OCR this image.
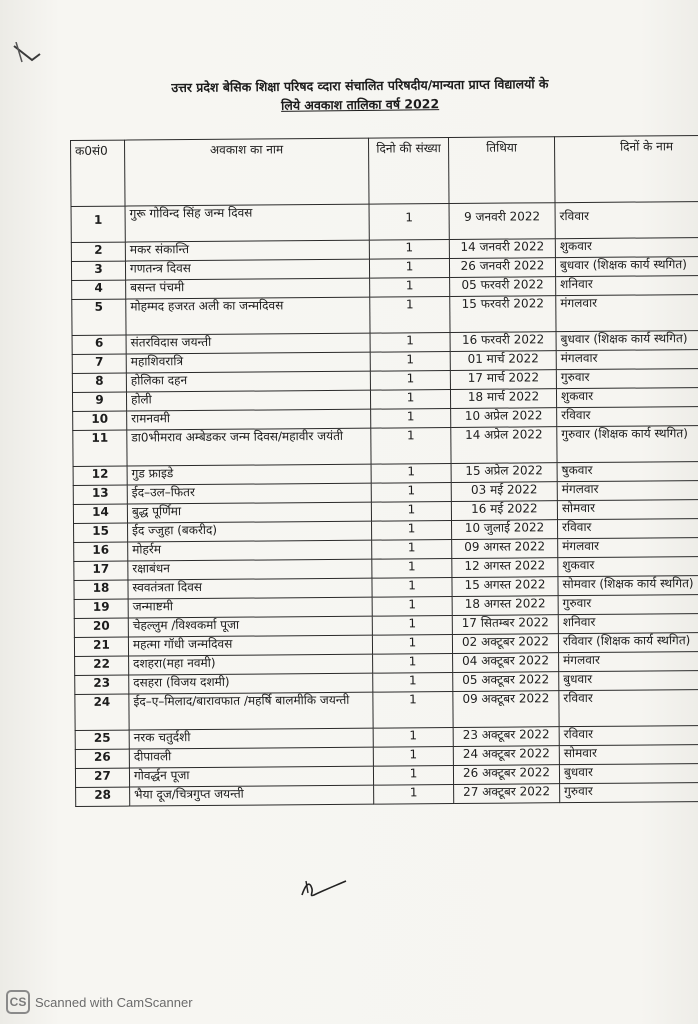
उत्तर प्रदेश बेसिक शिक्षा परिषद व्दारा संचालित परिषदीय/मान्यता प्राप्त विद्यालयों के
लिये अवकाश तालिका वर्ष 2022
क0सं0	अवकाश का नाम	दिनो की संख्या	तिथिया	दिनों के नाम
1	गुरू गोविन्द सिंह जन्म दिवस	1	9 जनवरी 2022	रविवार
2	मकर संकान्ति	1	14 जनवरी 2022	शुकवार
3	गणतन्त्र दिवस	1	26 जनवरी 2022	बुधवार (शिक्षक कार्य स्थगित)
4	बसन्त पंचमी	1	05 फरवरी 2022	शनिवार
5	मोहम्मद हजरत अली का जन्मदिवस	1	15 फरवरी 2022	मंगलवार
6	संतरविदास जयन्ती	1	16 फरवरी 2022	बुधवार (शिक्षक कार्य स्थगित)
7	महाशिवरात्रि	1	01 मार्च 2022	मंगलवार
8	होलिका दहन	1	17 मार्च 2022	गुरुवार
9	होली	1	18 मार्च 2022	शुकवार
10	रामनवमी	1	10 अप्रेल 2022	रविवार
11	डा0भीमराव अम्बेडकर जन्म दिवस/महावीर जयंती	1	14 अप्रेल 2022	गुरुवार (शिक्षक कार्य स्थगित)
12	गुड फ्राइडे	1	15 अप्रेल 2022	षुकवार
13	ईद–उल–फितर	1	03 मई 2022	मंगलवार
14	बुद्ध पूर्णिमा	1	16 मई 2022	सोमवार
15	ईद ज्जुहा (बकरीद)	1	10 जुलाई 2022	रविवार
16	मोहर्रम	1	09 अगस्त 2022	मंगलवार
17	रक्षाबंधन	1	12 अगस्त 2022	शुकवार
18	स्ववतंत्रता दिवस	1	15 अगस्त 2022	सोमवार (शिक्षक कार्य स्थगित)
19	जन्माष्टमी	1	18 अगस्त 2022	गुरुवार
20	चेहल्लुम /विश्वकर्मा पूजा	1	17 सितम्बर 2022	शनिवार
21	महत्मा गॉधी जन्मदिवस	1	02 अक्टूबर 2022	रविवार (शिक्षक कार्य स्थगित)
22	दशहरा(महा नवमी)	1	04 अक्टूबर 2022	मंगलवार
23	दसहरा (विजय दशमी)	1	05 अक्टूबर 2022	बुधवार
24	ईद–ए–मिलाद/बारावफात /महर्षि बालमीकि जयन्ती	1	09 अक्टूबर 2022	रविवार
25	नरक चतुर्दशी	1	23 अक्टूबर 2022	रविवार
26	दीपावली	1	24 अक्टूबर 2022	सोमवार
27	गोवर्द्धन पूजा	1	26 अक्टूबर 2022	बुधवार
28	भैया दूज/चित्रगुप्त जयन्ती	1	27 अक्टूबर 2022	गुरुवार
CS Scanned with CamScanner
